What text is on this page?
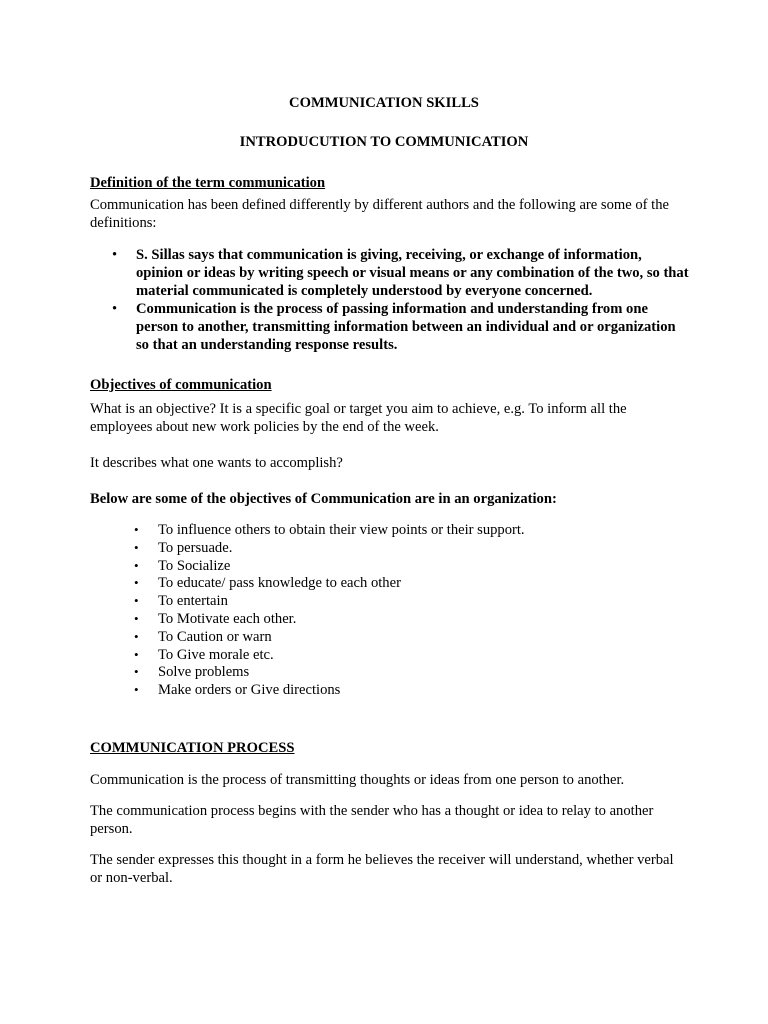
COMMUNICATION SKILLS

INTRODUCUTION TO COMMUNICATION

Definition of the term communication

Communication has been defined differently by different authors and the following are some of the definitions:

• S. Sillas says that communication is giving, receiving, or exchange of information, opinion or ideas by writing speech or visual means or any combination of the two, so that material communicated is completely understood by everyone concerned.
• Communication is the process of passing information and understanding from one person to another, transmitting information between an individual and or organization so that an understanding response results.

Objectives of communication

What is an objective? It is a specific goal or target you aim to achieve, e.g. To inform all the employees about new work policies by the end of the week.

It describes what one wants to accomplish?

Below are some of the objectives of Communication are in an organization:

• To influence others to obtain their view points or their support.
• To persuade.
• To Socialize
• To educate/ pass knowledge to each other
• To entertain
• To Motivate each other.
• To Caution or warn
• To Give morale etc.
• Solve problems
• Make orders or Give directions

COMMUNICATION PROCESS

Communication is the process of transmitting thoughts or ideas from one person to another.

The communication process begins with the sender who has a thought or idea to relay to another person.

The sender expresses this thought in a form he believes the receiver will understand, whether verbal or non-verbal.
